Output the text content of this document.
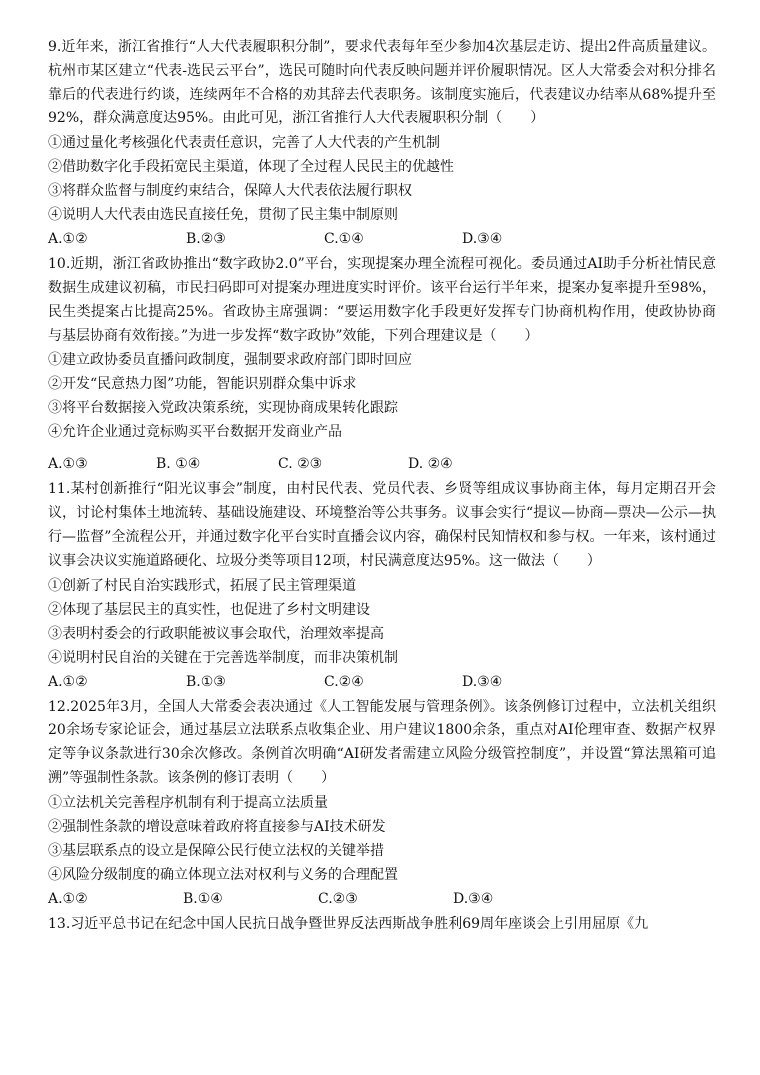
9.近年来，浙江省推行“人大代表履职积分制”，要求代表每年至少参加4次基层走访、提出2件高质量建议。杭州市某区建立“代表-选民云平台”，选民可随时向代表反映问题并评价履职情况。区人大常委会对积分排名靠后的代表进行约谈，连续两年不合格的劝其辞去代表职务。该制度实施后，代表建议办结率从68%提升至92%，群众满意度达95%。由此可见，浙江省推行人大代表履职积分制（　　）

①通过量化考核强化代表责任意识，完善了人大代表的产生机制

②借助数字化手段拓宽民主渠道，体现了全过程人民民主的优越性

③将群众监督与制度约束结合，保障人大代表依法履行职权

④说明人大代表由选民直接任免，贯彻了民主集中制原则

A.①②	B.②③	C.①④	D.③④

10.近期，浙江省政协推出“数字政协2.0”平台，实现提案办理全流程可视化。委员通过AI助手分析社情民意数据生成建议初稿，市民扫码即可对提案办理进度实时评价。该平台运行半年来，提案办复率提升至98%，民生类提案占比提高25%。省政协主席强调：“要运用数字化手段更好发挥专门协商机构作用，使政协协商与基层协商有效衔接。”为进一步发挥“数字政协”效能，下列合理建议是（　　）

①建立政协委员直播问政制度，强制要求政府部门即时回应

②开发“民意热力图”功能，智能识别群众集中诉求

③将平台数据接入党政决策系统，实现协商成果转化跟踪

④允许企业通过竞标购买平台数据开发商业产品

A.①③	B. ①④	C. ②③	D. ②④

11.某村创新推行“阳光议事会”制度，由村民代表、党员代表、乡贤等组成议事协商主体，每月定期召开会议，讨论村集体土地流转、基础设施建设、环境整治等公共事务。议事会实行“提议—协商—票决—公示—执行—监督”全流程公开，并通过数字化平台实时直播会议内容，确保村民知情权和参与权。一年来，该村通过议事会决议实施道路硬化、垃圾分类等项目12项，村民满意度达95%。这一做法（　　）

①创新了村民自治实践形式，拓展了民主管理渠道

②体现了基层民主的真实性，也促进了乡村文明建设

③表明村委会的行政职能被议事会取代，治理效率提高

④说明村民自治的关键在于完善选举制度，而非决策机制

A.①②	B.①③	C.②④	D.③④

12.2025年3月，全国人大常委会表决通过《人工智能发展与管理条例》。该条例修订过程中，立法机关组织20余场专家论证会，通过基层立法联系点收集企业、用户建议1800余条，重点对AI伦理审查、数据产权界定等争议条款进行30余次修改。条例首次明确“AI研发者需建立风险分级管控制度”，并设置“算法黑箱可追溯”等强制性条款。该条例的修订表明（　　）

①立法机关完善程序机制有利于提高立法质量

②强制性条款的增设意味着政府将直接参与AI技术研发

③基层联系点的设立是保障公民行使立法权的关键举措

④风险分级制度的确立体现立法对权利与义务的合理配置

A.①②	B.①④	C.②③	D.③④

13.习近平总书记在纪念中国人民抗日战争暨世界反法西斯战争胜利69周年座谈会上引用屈原《九
